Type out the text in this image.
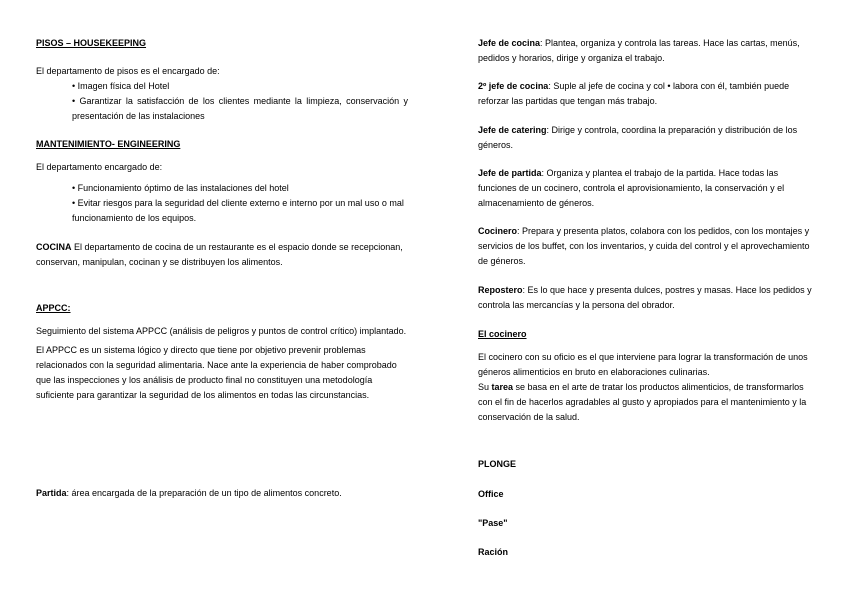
PISOS – HOUSEKEEPING

El departamento de pisos es el encargado de:

• Imagen física del Hotel

• Garantizar la satisfacción de los clientes mediante la limpieza, conservación y presentación de las instalaciones

MANTENIMIENTO- ENGINEERING

El departamento encargado de:

• Funcionamiento óptimo de las instalaciones del hotel

• Evitar riesgos para la seguridad del cliente externo e interno por un mal uso o mal funcionamiento de los equipos.

COCINA El departamento de cocina de un restaurante es el espacio donde se recepcionan, conservan, manipulan, cocinan y se distribuyen los alimentos.

APPCC:

Seguimiento del sistema APPCC (análisis de peligros y puntos de control crítico) implantado.

El APPCC es un sistema lógico y directo que tiene por objetivo prevenir problemas relacionados con la seguridad alimentaria. Nace ante la experiencia de haber comprobado que las inspecciones y los análisis de producto final no constituyen una metodología suficiente para garantizar la seguridad de los alimentos en todas las circunstancias.

Partida: área encargada de la preparación de un tipo de alimentos concreto.

Jefe de cocina: Plantea, organiza y controla las tareas. Hace las cartas, menús, pedidos y horarios, dirige y organiza el trabajo.

2º jefe de cocina: Suple al jefe de cocina y col • labora con él, también puede reforzar las partidas que tengan más trabajo.

Jefe de catering: Dirige y controla, coordina la preparación y distribución de los géneros.

Jefe de partida: Organiza y plantea el trabajo de la partida. Hace todas las funciones de un cocinero, controla el aprovisionamiento, la conservación y el almacenamiento de géneros.

Cocinero: Prepara y presenta platos, colabora con los pedidos, con los montajes y servicios de los buffet, con los inventarios, y cuida del control y el aprovechamiento de géneros.

Repostero: Es lo que hace y presenta dulces, postres y masas. Hace los pedidos y controla las mercancías y la persona del obrador.

El cocinero

El cocinero con su oficio es el que interviene para lograr la transformación de unos géneros alimenticios en bruto en elaboraciones culinarias.

Su tarea se basa en el arte de tratar los productos alimenticios, de transformarlos con el fin de hacerlos agradables al gusto y apropiados para el mantenimiento y la conservación de la salud.

PLONGE

Office

"Pase"

Ración
